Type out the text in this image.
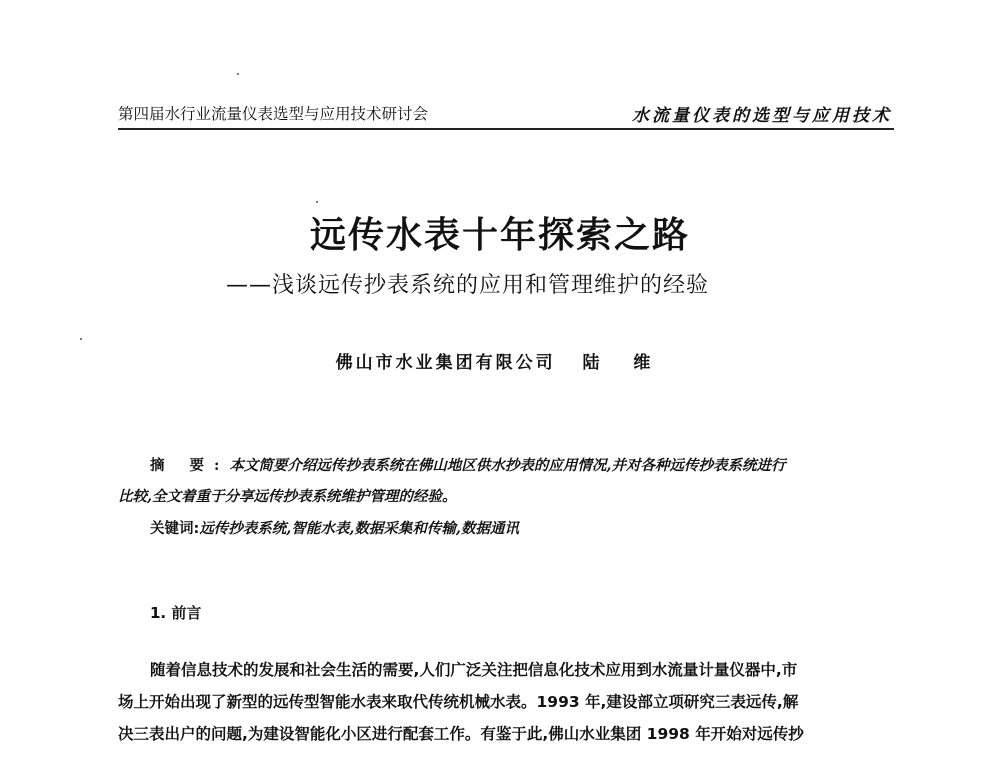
第四届水行业流量仪表选型与应用技术研讨会	水流量仪表的选型与应用技术
远传水表十年探索之路
——浅谈远传抄表系统的应用和管理维护的经验
佛山市水业集团有限公司 陆 维
摘 要:本文简要介绍远传抄表系统在佛山地区供水抄表的应用情况,并对各种远传抄表系统进行
比较,全文着重于分享远传抄表系统维护管理的经验。
关键词:远传抄表系统,智能水表,数据采集和传输,数据通讯
1. 前言
随着信息技术的发展和社会生活的需要,人们广泛关注把信息化技术应用到水流量计量仪器中,市
场上开始出现了新型的远传型智能水表来取代传统机械水表。1993 年,建设部立项研究三表远传,解
决三表出户的问题,为建设智能化小区进行配套工作。有鉴于此,佛山水业集团 1998 年开始对远传抄
